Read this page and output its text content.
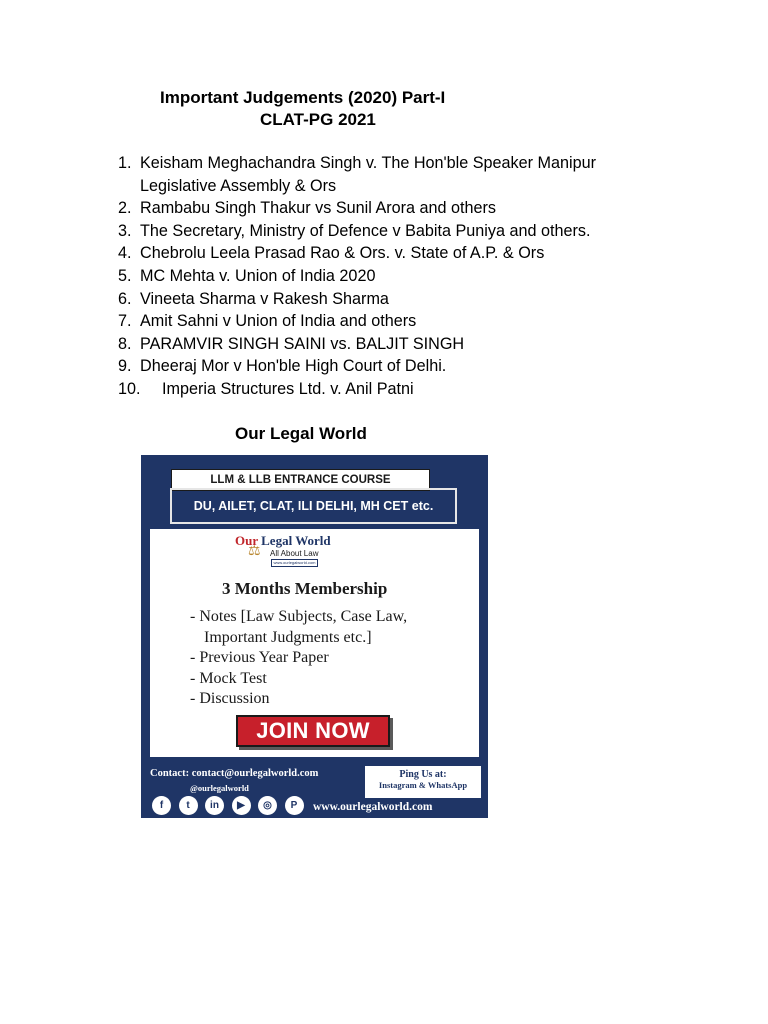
Important Judgements (2020) Part-I
CLAT-PG 2021
1. Keisham Meghachandra Singh v. The Hon'ble Speaker Manipur
Legislative Assembly & Ors
2. Rambabu Singh Thakur vs Sunil Arora and others
3. The Secretary, Ministry of Defence v Babita Puniya and others.
4. Chebrolu Leela Prasad Rao & Ors. v. State of A.P. & Ors
5. MC Mehta v. Union of India 2020
6. Vineeta Sharma v Rakesh Sharma
7. Amit Sahni v Union of India and others
8. PARAMVIR SINGH SAINI vs. BALJIT SINGH
9. Dheeraj Mor v Hon'ble High Court of Delhi.
10.	Imperia Structures Ltd. v. Anil Patni
Our Legal World
LLM & LLB ENTRANCE COURSE
DU, AILET, CLAT, ILI DELHI, MH CET etc.
Our Legal World
⚖ All About Law
www.ourlegalworld.com
3 Months Membership
- Notes [Law Subjects, Case Law,
Important Judgments etc.]
- Previous Year Paper
- Mock Test
- Discussion
JOIN NOW
Contact: contact@ourlegalworld.com
@ourlegalworld
Ping Us at:
Instagram & WhatsApp
f	t	in	▶	◎	P	www.ourlegalworld.com
